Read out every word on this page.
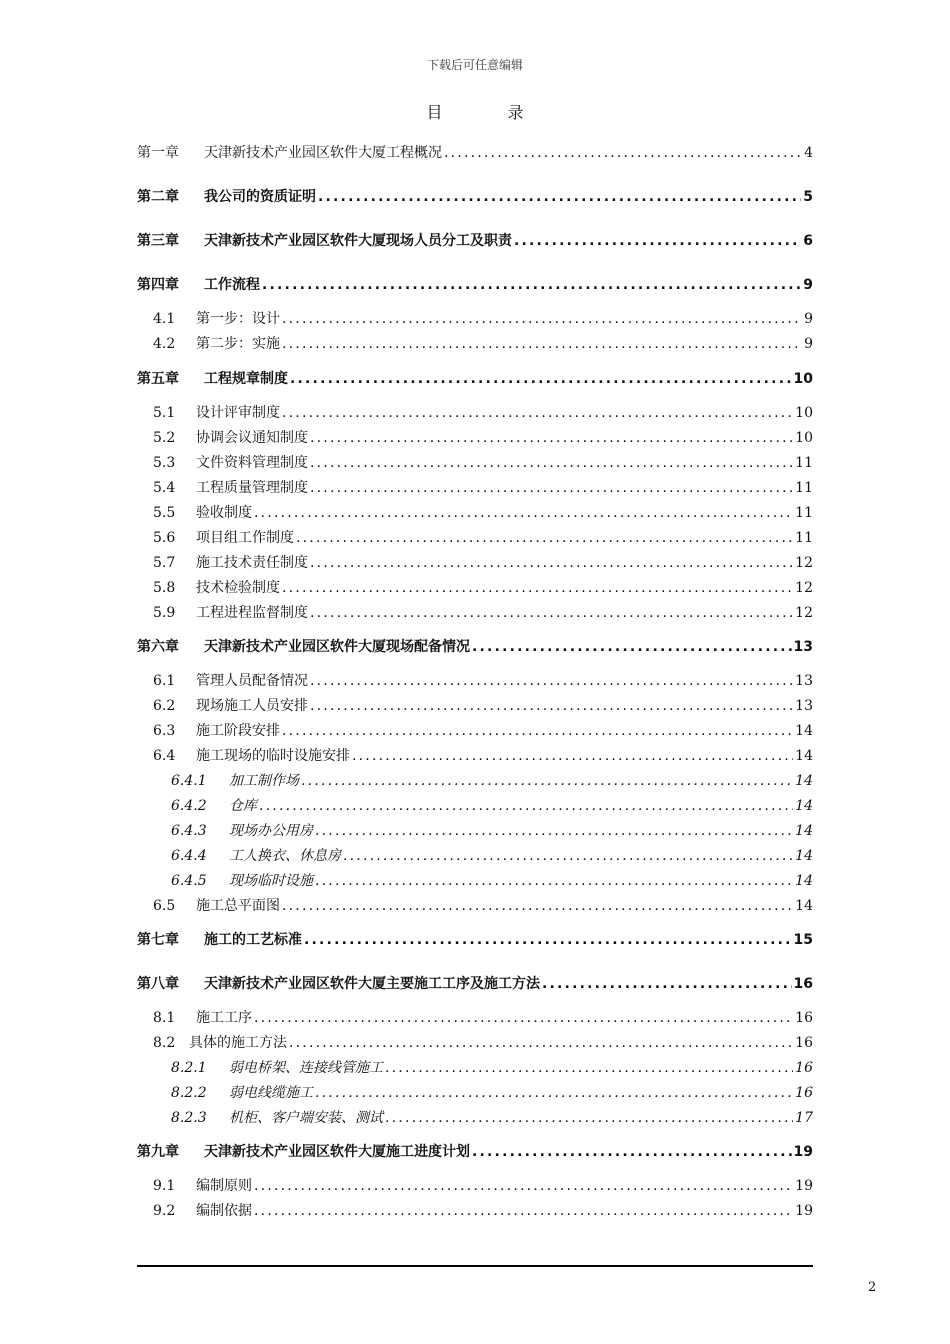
下载后可任意编辑
目 录
第一章	天津新技术产业园区软件大厦工程概况 .....	4
第二章	我公司的资质证明 .....	5
第三章	天津新技术产业园区软件大厦现场人员分工及职责 .....	6
第四章	工作流程 .....	9
4.1	第一步：设计 .....	9
4.2	第二步：实施 .....	9
第五章	工程规章制度 .....	10
5.1	设计评审制度 .....	10
5.2	协调会议通知制度 .....	10
5.3	文件资料管理制度 .....	11
5.4	工程质量管理制度 .....	11
5.5	验收制度 .....	11
5.6	项目组工作制度 .....	11
5.7	施工技术责任制度 .....	12
5.8	技术检验制度 .....	12
5.9	工程进程监督制度 .....	12
第六章	天津新技术产业园区软件大厦现场配备情况 .....	13
6.1	管理人员配备情况 .....	13
6.2	现场施工人员安排 .....	13
6.3	施工阶段安排 .....	14
6.4	施工现场的临时设施安排 .....	14
6.4.1	加工制作场 .....	14
6.4.2	仓库 .....	14
6.4.3	现场办公用房 .....	14
6.4.4	工人换衣、休息房 .....	14
6.4.5	现场临时设施 .....	14
6.5	施工总平面图 .....	14
第七章	施工的工艺标准 .....	15
第八章	天津新技术产业园区软件大厦主要施工工序及施工方法 .....	16
8.1	施工工序 .....	16
8.2 具体的施工方法 .....	16
8.2.1	弱电桥架、连接线管施工 .....	16
8.2.2	弱电线缆施工 .....	16
8.2.3	机柜、客户端安装、测试 .....	17
第九章	天津新技术产业园区软件大厦施工进度计划 .....	19
9.1	编制原则 .....	19
9.2	编制依据 .....	19
2
